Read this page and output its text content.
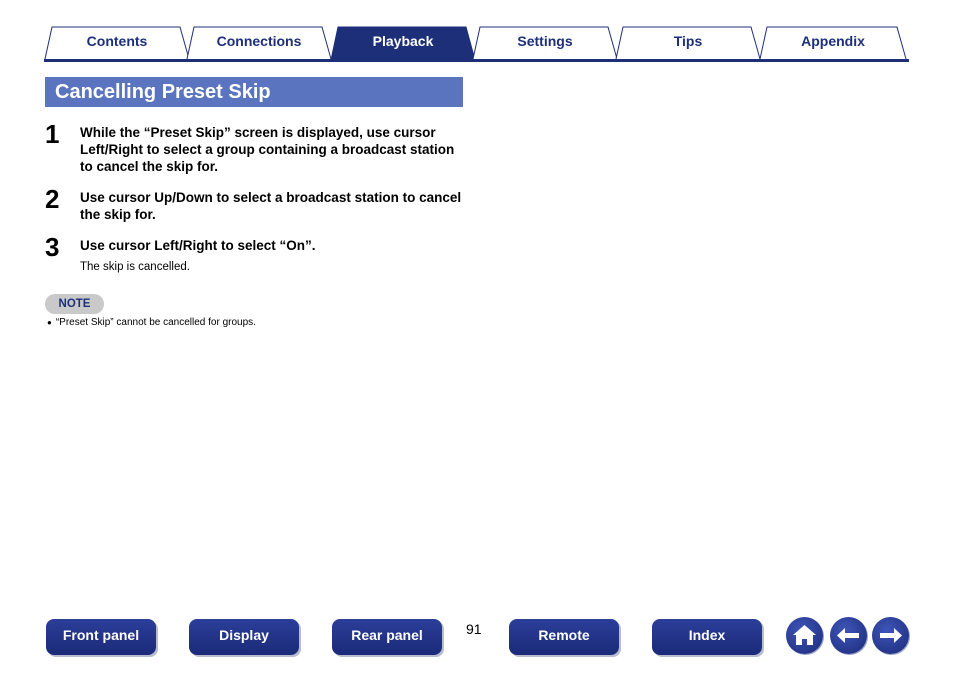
Contents	Connections	Playback	Settings	Tips	Appendix
Cancelling Preset Skip
1 While the “Preset Skip” screen is displayed, use cursor Left/Right to select a group containing a broadcast station to cancel the skip for.
2 Use cursor Up/Down to select a broadcast station to cancel the skip for.
3 Use cursor Left/Right to select “On”.
The skip is cancelled.
NOTE
● “Preset Skip” cannot be cancelled for groups.
Front panel	Display	Rear panel	91	Remote	Index
